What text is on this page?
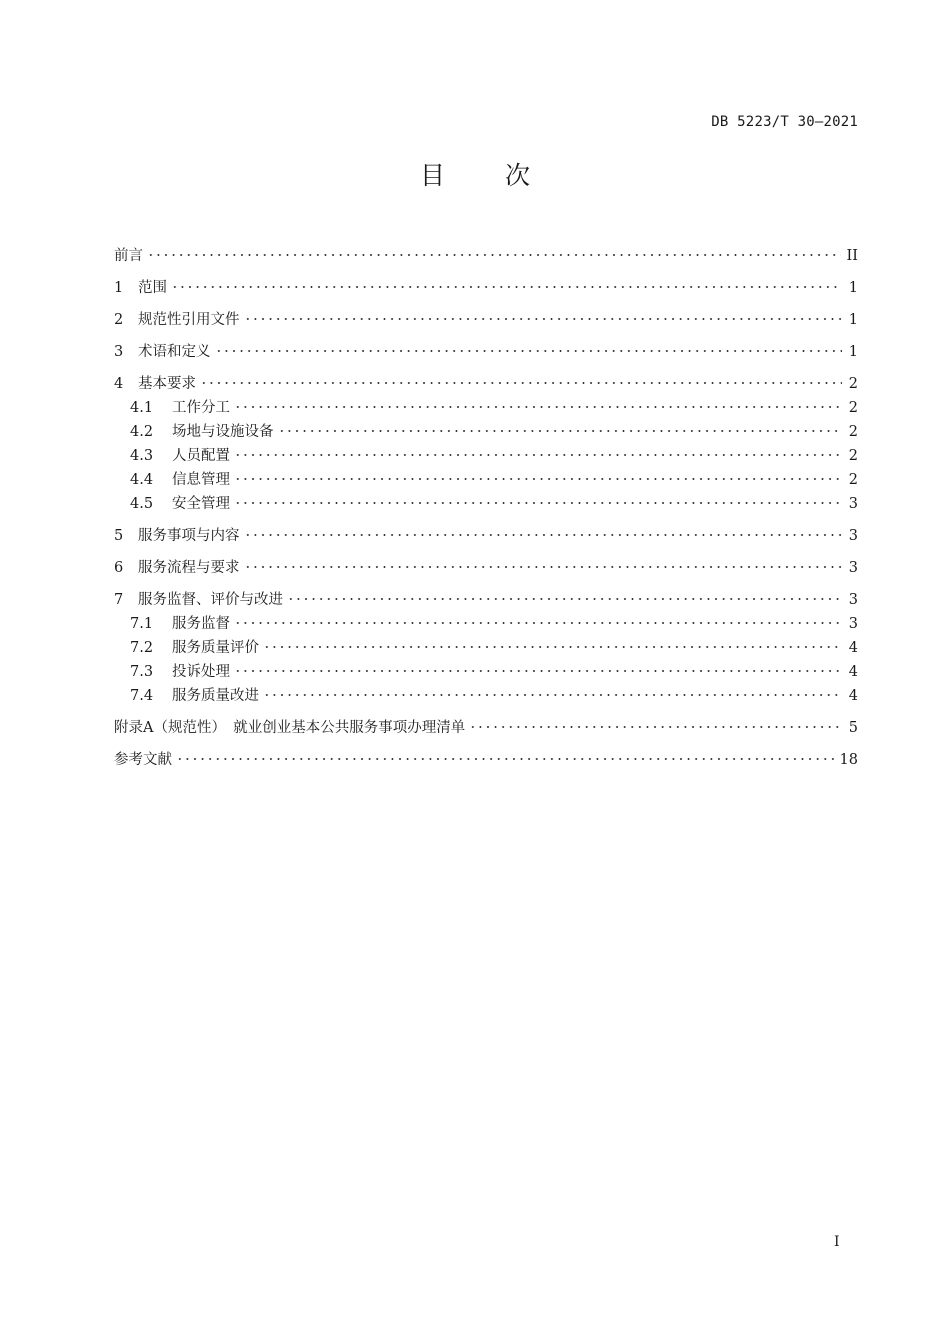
DB 5223/T 30—2021
目 次
前言	II
1	范围	1
2	规范性引用文件	1
3	术语和定义	1
4	基本要求	2
4.1	工作分工	2
4.2	场地与设施设备	2
4.3	人员配置	2
4.4	信息管理	2
4.5	安全管理	3
5	服务事项与内容	3
6	服务流程与要求	3
7	服务监督、评价与改进	3
7.1	服务监督	3
7.2	服务质量评价	4
7.3	投诉处理	4
7.4	服务质量改进	4
附录A（规范性）　就业创业基本公共服务事项办理清单	5
参考文献	18
I
